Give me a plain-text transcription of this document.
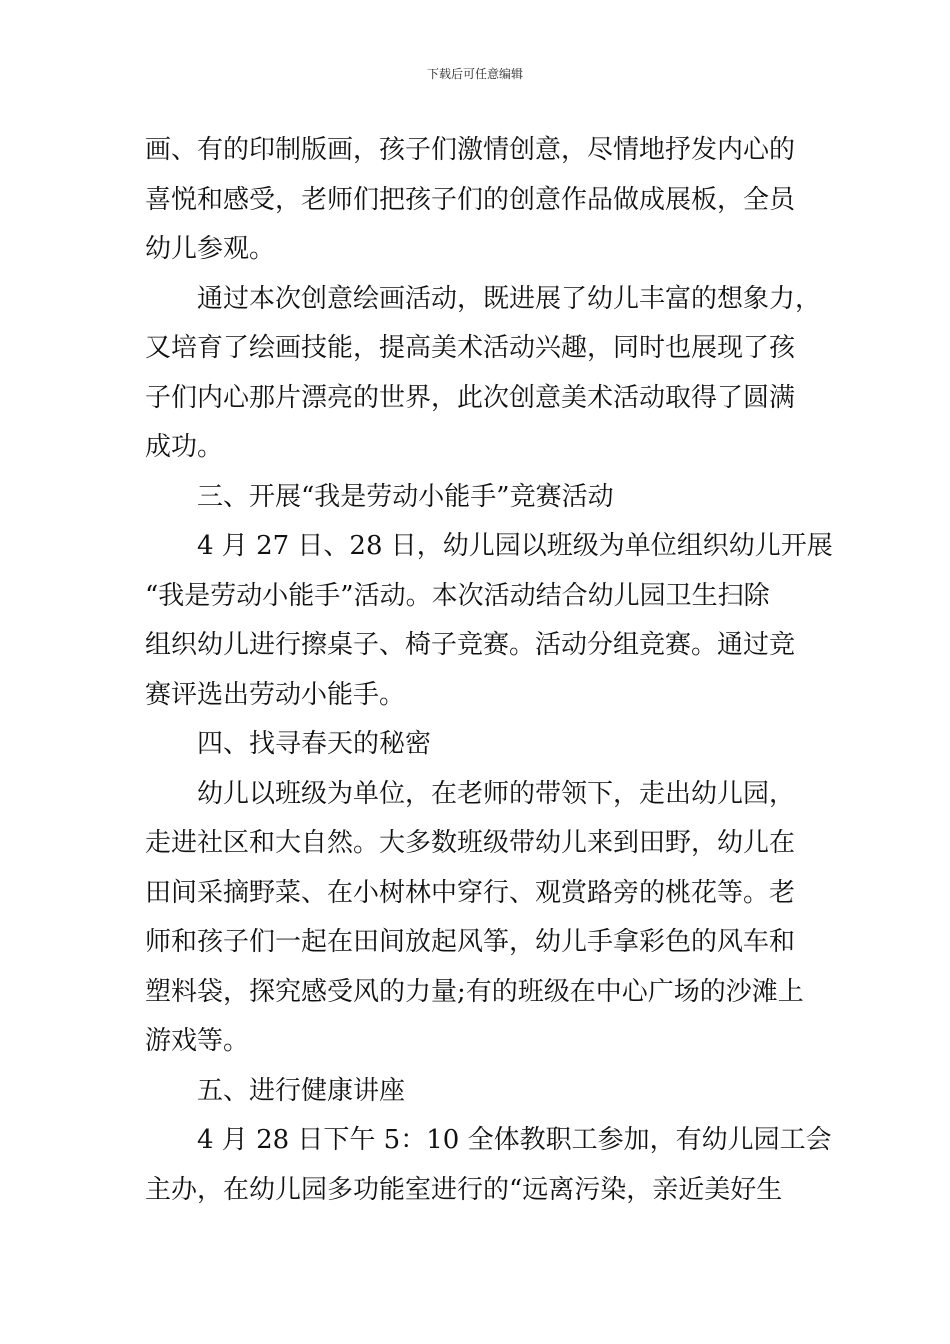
下载后可任意编辑
画、有的印制版画，孩子们激情创意，尽情地抒发内心的
喜悦和感受，老师们把孩子们的创意作品做成展板，全员
幼儿参观。
通过本次创意绘画活动，既进展了幼儿丰富的想象力，
又培育了绘画技能，提高美术活动兴趣，同时也展现了孩
子们内心那片漂亮的世界，此次创意美术活动取得了圆满
成功。
三、开展“我是劳动小能手”竞赛活动
4 月 27 日、28 日，幼儿园以班级为单位组织幼儿开展
“我是劳动小能手”活动。本次活动结合幼儿园卫生扫除
组织幼儿进行擦桌子、椅子竞赛。活动分组竞赛。通过竞
赛评选出劳动小能手。
四、找寻春天的秘密
幼儿以班级为单位，在老师的带领下，走出幼儿园，
走进社区和大自然。大多数班级带幼儿来到田野，幼儿在
田间采摘野菜、在小树林中穿行、观赏路旁的桃花等。老
师和孩子们一起在田间放起风筝，幼儿手拿彩色的风车和
塑料袋，探究感受风的力量;有的班级在中心广场的沙滩上
游戏等。
五、进行健康讲座
4 月 28 日下午 5：10 全体教职工参加，有幼儿园工会
主办，在幼儿园多功能室进行的“远离污染，亲近美好生
